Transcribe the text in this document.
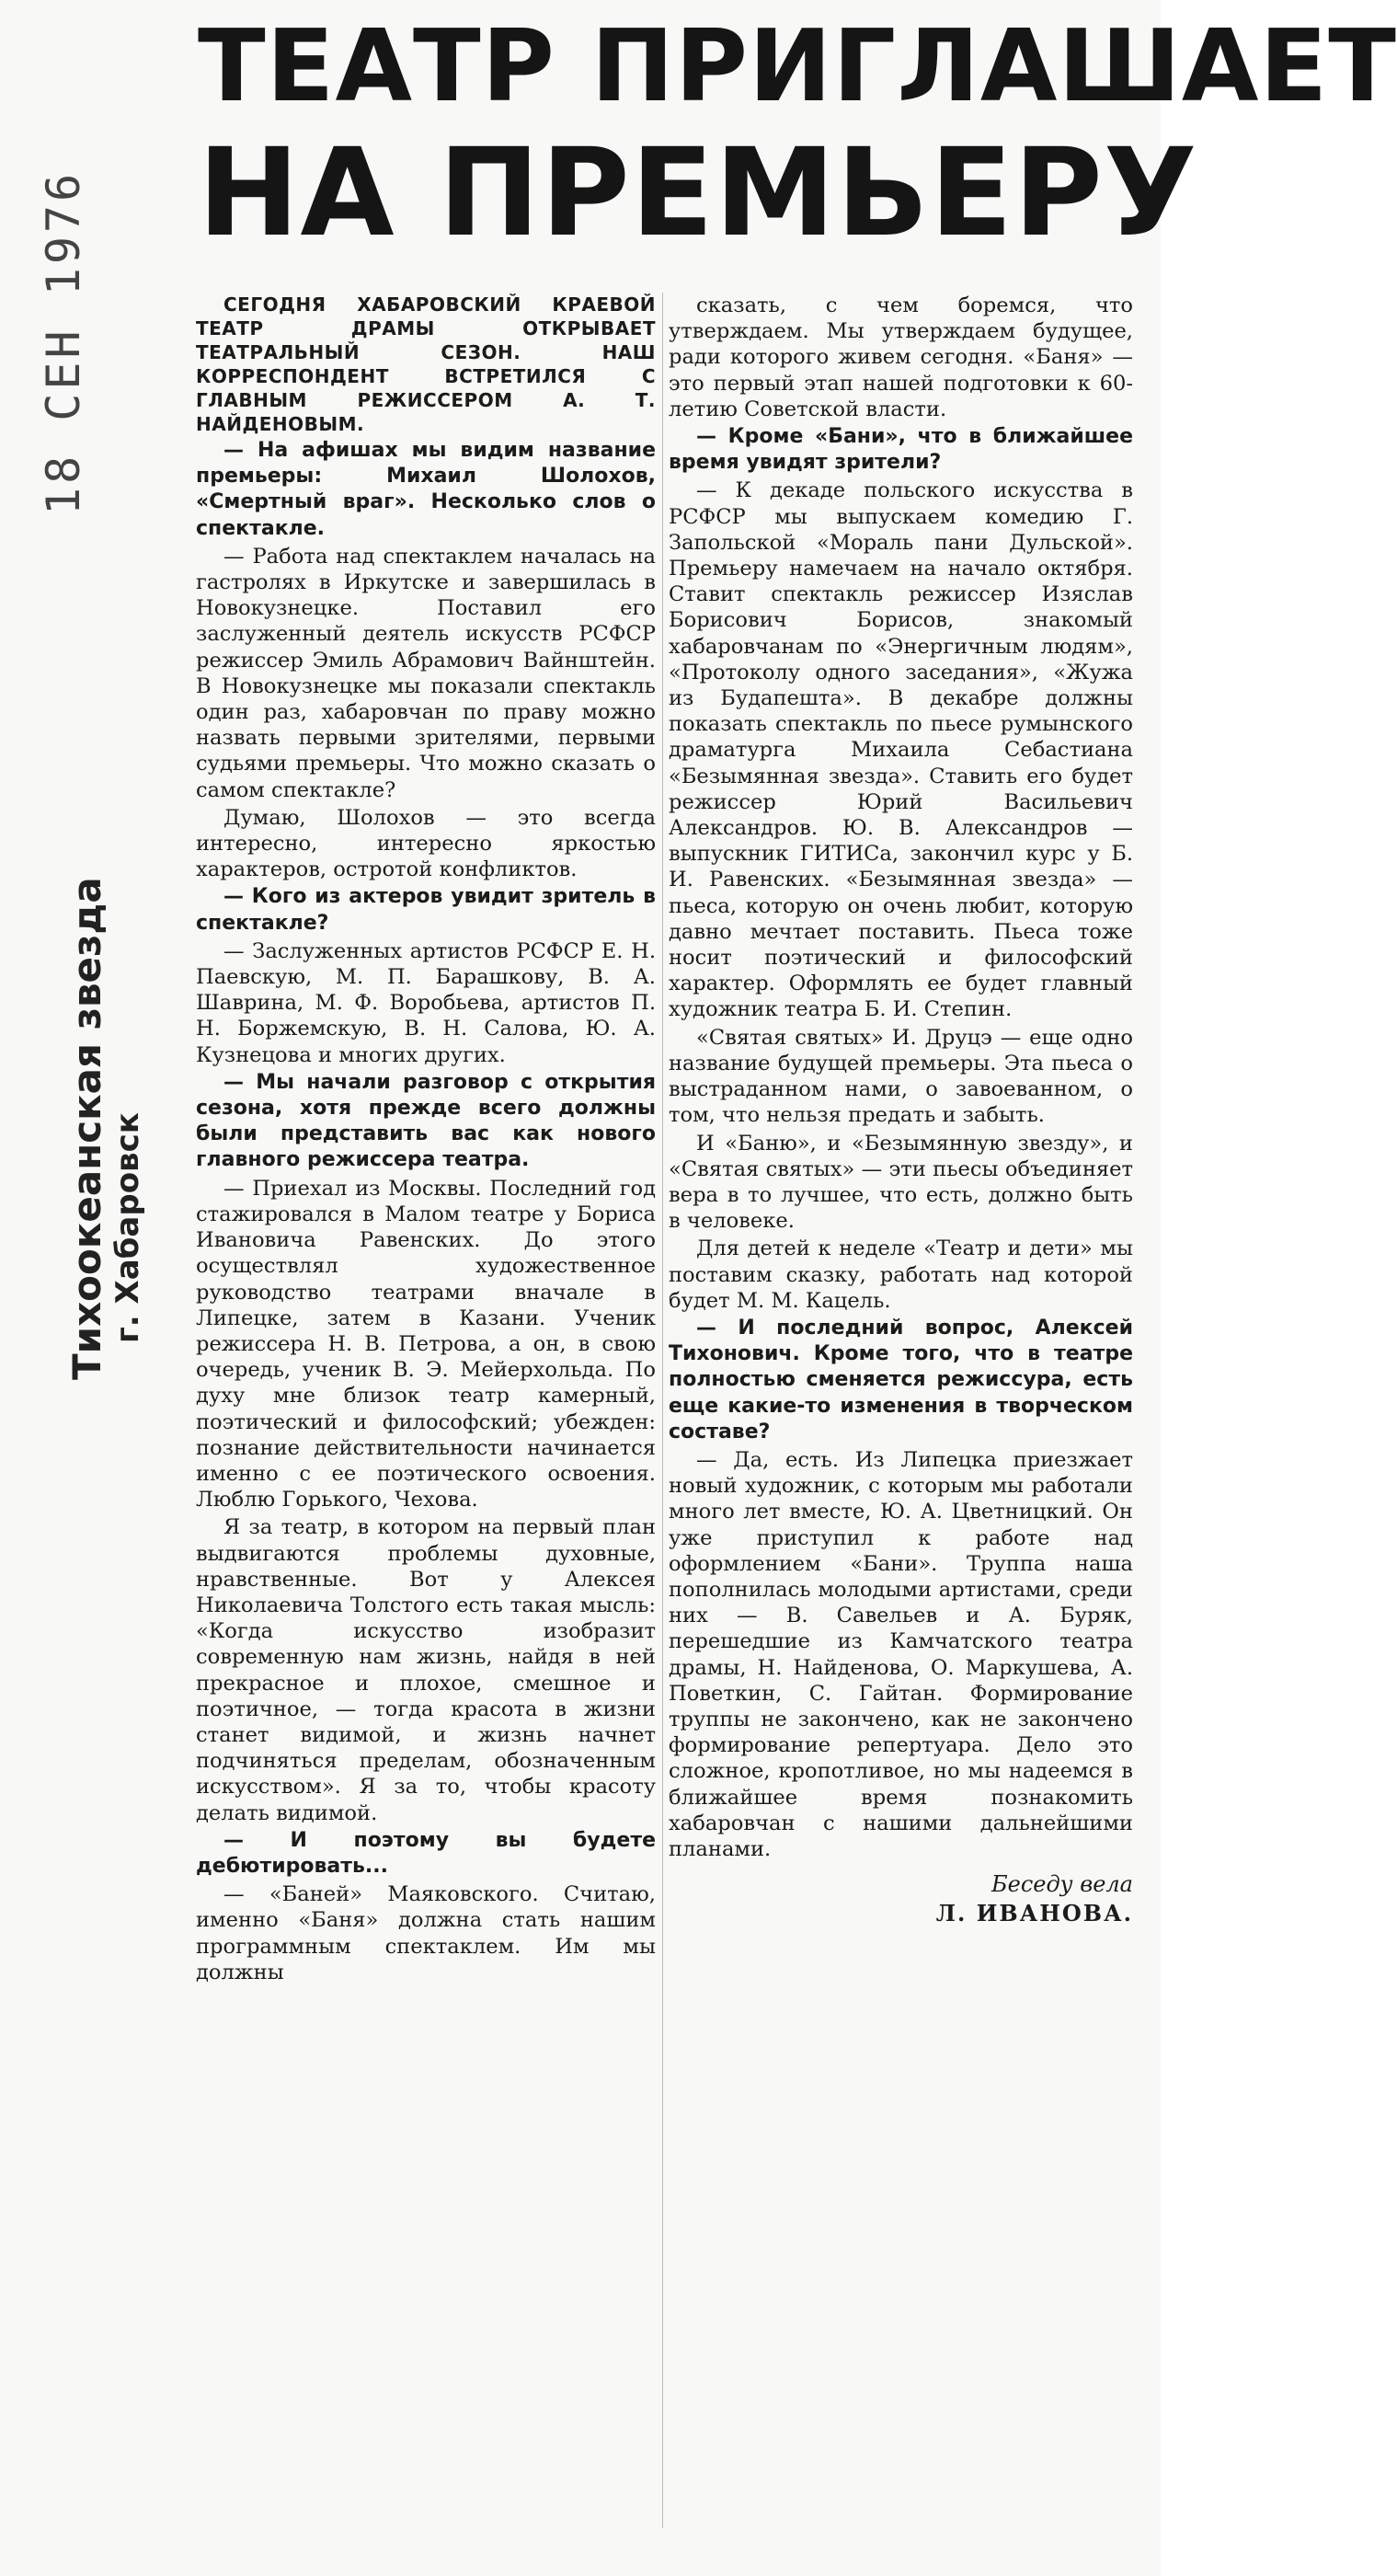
18 СЕН 1976
Тихоокеанская звезда г. Хабаровск
ТЕАТР ПРИГЛАШАЕТ
НА ПРЕМЬЕРУ

СЕГОДНЯ ХАБАРОВСКИЙ КРАЕВОЙ ТЕАТР ДРАМЫ ОТКРЫВАЕТ ТЕАТРАЛЬНЫЙ СЕЗОН. НАШ КОРРЕСПОНДЕНТ ВСТРЕТИЛСЯ С ГЛАВНЫМ РЕЖИССЕРОМ А. Т. НАЙДЕНОВЫМ.

— На афишах мы видим название премьеры: Михаил Шолохов, «Смертный враг». Несколько слов о спектакле.

— Работа над спектаклем началась на гастролях в Иркутске и завершилась в Новокузнецке. Поставил его заслуженный деятель искусств РСФСР режиссер Эмиль Абрамович Вайнштейн. В Новокузнецке мы показали спектакль один раз, хабаровчан по праву можно назвать первыми зрителями, первыми судьями премьеры. Что можно сказать о самом спектакле?

Думаю, Шолохов — это всегда интересно, интересно яркостью характеров, остротой конфликтов.

— Кого из актеров увидит зритель в спектакле?

— Заслуженных артистов РСФСР Е. Н. Паевскую, М. П. Барашкову, В. А. Шаврина, М. Ф. Воробьева, артистов П. Н. Боржемскую, В. Н. Салова, Ю. А. Кузнецова и многих других.

— Мы начали разговор с открытия сезона, хотя прежде всего должны были представить вас как нового главного режиссера театра.

— Приехал из Москвы. Последний год стажировался в Малом театре у Бориса Ивановича Равенских. До этого осуществлял художественное руководство театрами вначале в Липецке, затем в Казани. Ученик режиссера Н. В. Петрова, а он, в свою очередь, ученик В. Э. Мейерхольда. По духу мне близок театр камерный, поэтический и философский; убежден: познание действительности начинается именно с ее поэтического освоения. Люблю Горького, Чехова.

Я за театр, в котором на первый план выдвигаются проблемы духовные, нравственные. Вот у Алексея Николаевича Толстого есть такая мысль: «Когда искусство изобразит современную нам жизнь, найдя в ней прекрасное и плохое, смешное и поэтичное, — тогда красота в жизни станет видимой, и жизнь начнет подчиняться пределам, обозначенным искусством». Я за то, чтобы красоту делать видимой.

— И поэтому вы будете дебютировать...

— «Баней» Маяковского. Считаю, именно «Баня» должна стать нашим программным спектаклем. Им мы должны

сказать, с чем боремся, что утверждаем. Мы утверждаем будущее, ради которого живем сегодня. «Баня» — это первый этап нашей подготовки к 60-летию Советской власти.

— Кроме «Бани», что в ближайшее время увидят зрители?

— К декаде польского искусства в РСФСР мы выпускаем комедию Г. Запольской «Мораль пани Дульской». Премьеру намечаем на начало октября. Ставит спектакль режиссер Изяслав Борисович Борисов, знакомый хабаровчанам по «Энергичным людям», «Протоколу одного заседания», «Жужа из Будапешта». В декабре должны показать спектакль по пьесе румынского драматурга Михаила Себастиана «Безымянная звезда». Ставить его будет режиссер Юрий Васильевич Александров. Ю. В. Александров — выпускник ГИТИСа, закончил курс у Б. И. Равенских. «Безымянная звезда» — пьеса, которую он очень любит, которую давно мечтает поставить. Пьеса тоже носит поэтический и философский характер. Оформлять ее будет главный художник театра Б. И. Степин.

«Святая святых» И. Друцэ — еще одно название будущей премьеры. Эта пьеса о выстраданном нами, о завоеванном, о том, что нельзя предать и забыть.

И «Баню», и «Безымянную звезду», и «Святая святых» — эти пьесы объединяет вера в то лучшее, что есть, должно быть в человеке.

Для детей к неделе «Театр и дети» мы поставим сказку, работать над которой будет М. М. Кацель.

— И последний вопрос, Алексей Тихонович. Кроме того, что в театре полностью сменяется режиссура, есть еще какие-то изменения в творческом составе?

— Да, есть. Из Липецка приезжает новый художник, с которым мы работали много лет вместе, Ю. А. Цветницкий. Он уже приступил к работе над оформлением «Бани». Труппа наша пополнилась молодыми артистами, среди них — В. Савельев и А. Буряк, перешедшие из Камчатского театра драмы, Н. Найденова, О. Маркушева, А. Поветкин, С. Гайтан. Формирование труппы не закончено, как не закончено формирование репертуара. Дело это сложное, кропотливое, но мы надеемся в ближайшее время познакомить хабаровчан с нашими дальнейшими планами.

Беседу вела
Л. ИВАНОВА.
